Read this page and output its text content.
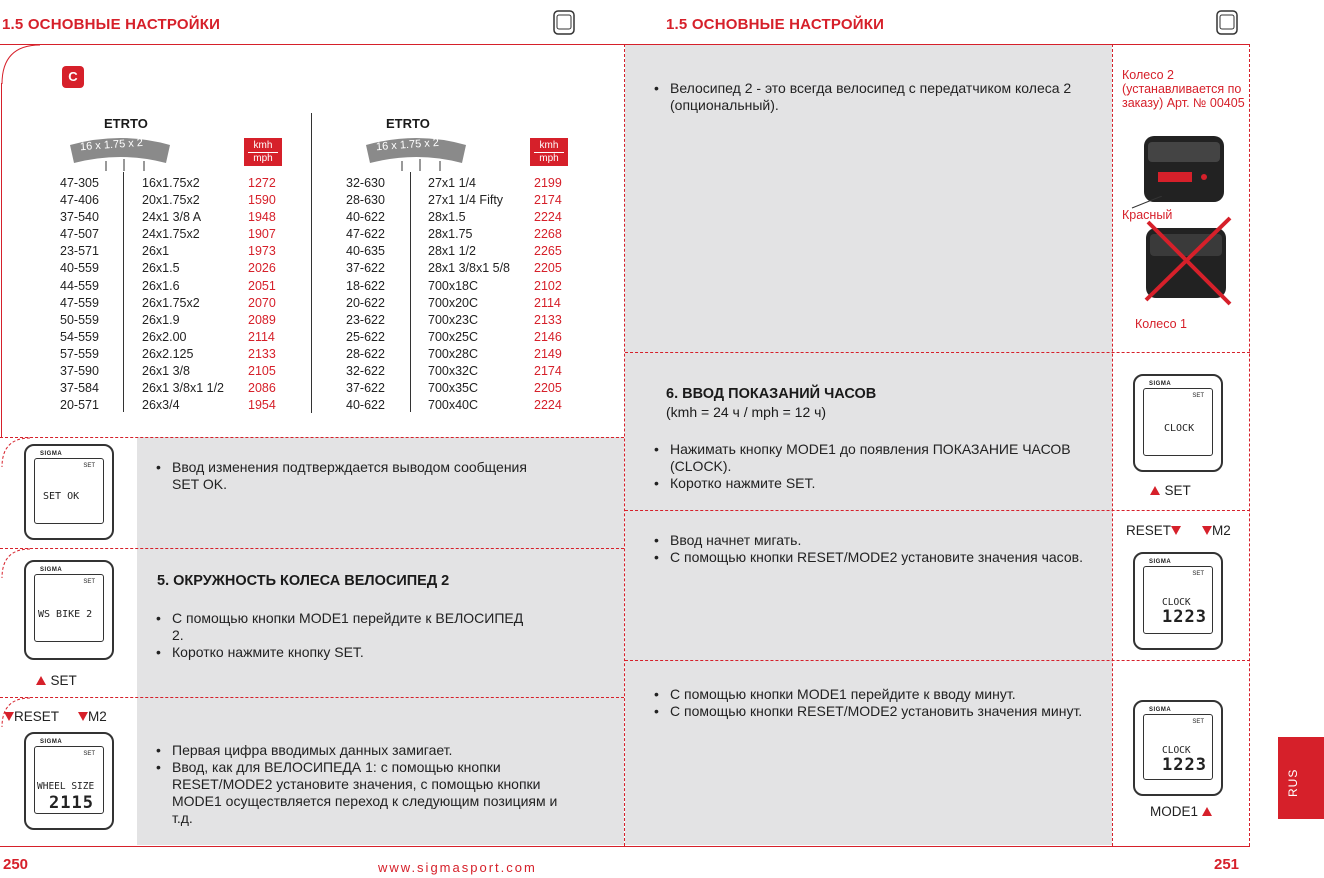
1.5 ОСНОВНЫЕ НАСТРОЙКИ	1.5 ОСНОВНЫЕ НАСТРОЙКИ
C
ETRTO
16 x 1.75 x 2	kmh
mph
ETRTO
16 x 1.75 x 2	kmh
mph
47-305	16x1.75x2	1272
47-406	20x1.75x2	1590
37-540	24x1 3/8 A	1948
47-507	24x1.75x2	1907
23-571	26x1	1973
40-559	26x1.5	2026
44-559	26x1.6	2051
47-559	26x1.75x2	2070
50-559	26x1.9	2089
54-559	26x2.00	2114
57-559	26x2.125	2133
37-590	26x1 3/8	2105
37-584	26x1 3/8x1 1/2 2086
20-571	26x3/4	1954
32-630	27x1 1/4	2199
28-630	27x1 1/4 Fifty 2174
40-622	28x1.5	2224
47-622	28x1.75	2268
40-635	28x1 1/2	2265
37-622	28x1 3/8x1 5/8 2205
18-622	700x18C	2102
20-622	700x20C	2114
23-622	700x23C	2133
25-622	700x25C	2146
28-622	700x28C	2149
32-622	700x32C	2174
37-622	700x35C	2205
40-622	700x40C	2224
SIGMA
SET
SET OK
• Ввод изменения подтверждается выводом сообщения SET OK.
SIGMA
SET
WS BIKE 2
SET
5. ОКРУЖНОСТЬ КОЛЕСА ВЕЛОСИПЕД 2
• С помощью кнопки MODE1 перейдите к ВЕЛОСИПЕД 2.
• Коротко нажмите кнопку SET.
RESET	M2
SIGMA
SET
WHEEL SIZE
2115
• Первая цифра вводимых данных замигает.
• Ввод, как для ВЕЛОСИПЕДА 1: с помощью кнопки RESET/MODE2 установите значения, с помощью кнопки MODE1 осуществляется переход к следующим позициям и т.д.
• Велосипед 2 - это всегда велосипед с передатчиком колеса 2 (опциональный).
Колесо 2 (устанавливается по заказу) Арт. № 00405
Красный
Колесо 1
6. ВВОД ПОКАЗАНИЙ ЧАСОВ
(kmh = 24 ч / mph = 12 ч)
• Нажимать кнопку MODE1 до появления ПОКАЗАНИЕ ЧАСОВ (CLOCK).
• Коротко нажмите SET.
SIGMA
SET
CLOCK
SET
• Ввод начнет мигать.
• С помощью кнопки RESET/MODE2 установите значения часов.
RESET	M2
SIGMA
SET
CLOCK
1223
• С помощью кнопки MODE1 перейдите к вводу минут.
• С помощью кнопки RESET/MODE2 установить значения минут.	SIGMA
SET
CLOCK
1223
MODE1
RUS
250	www.sigmasport.com	251
